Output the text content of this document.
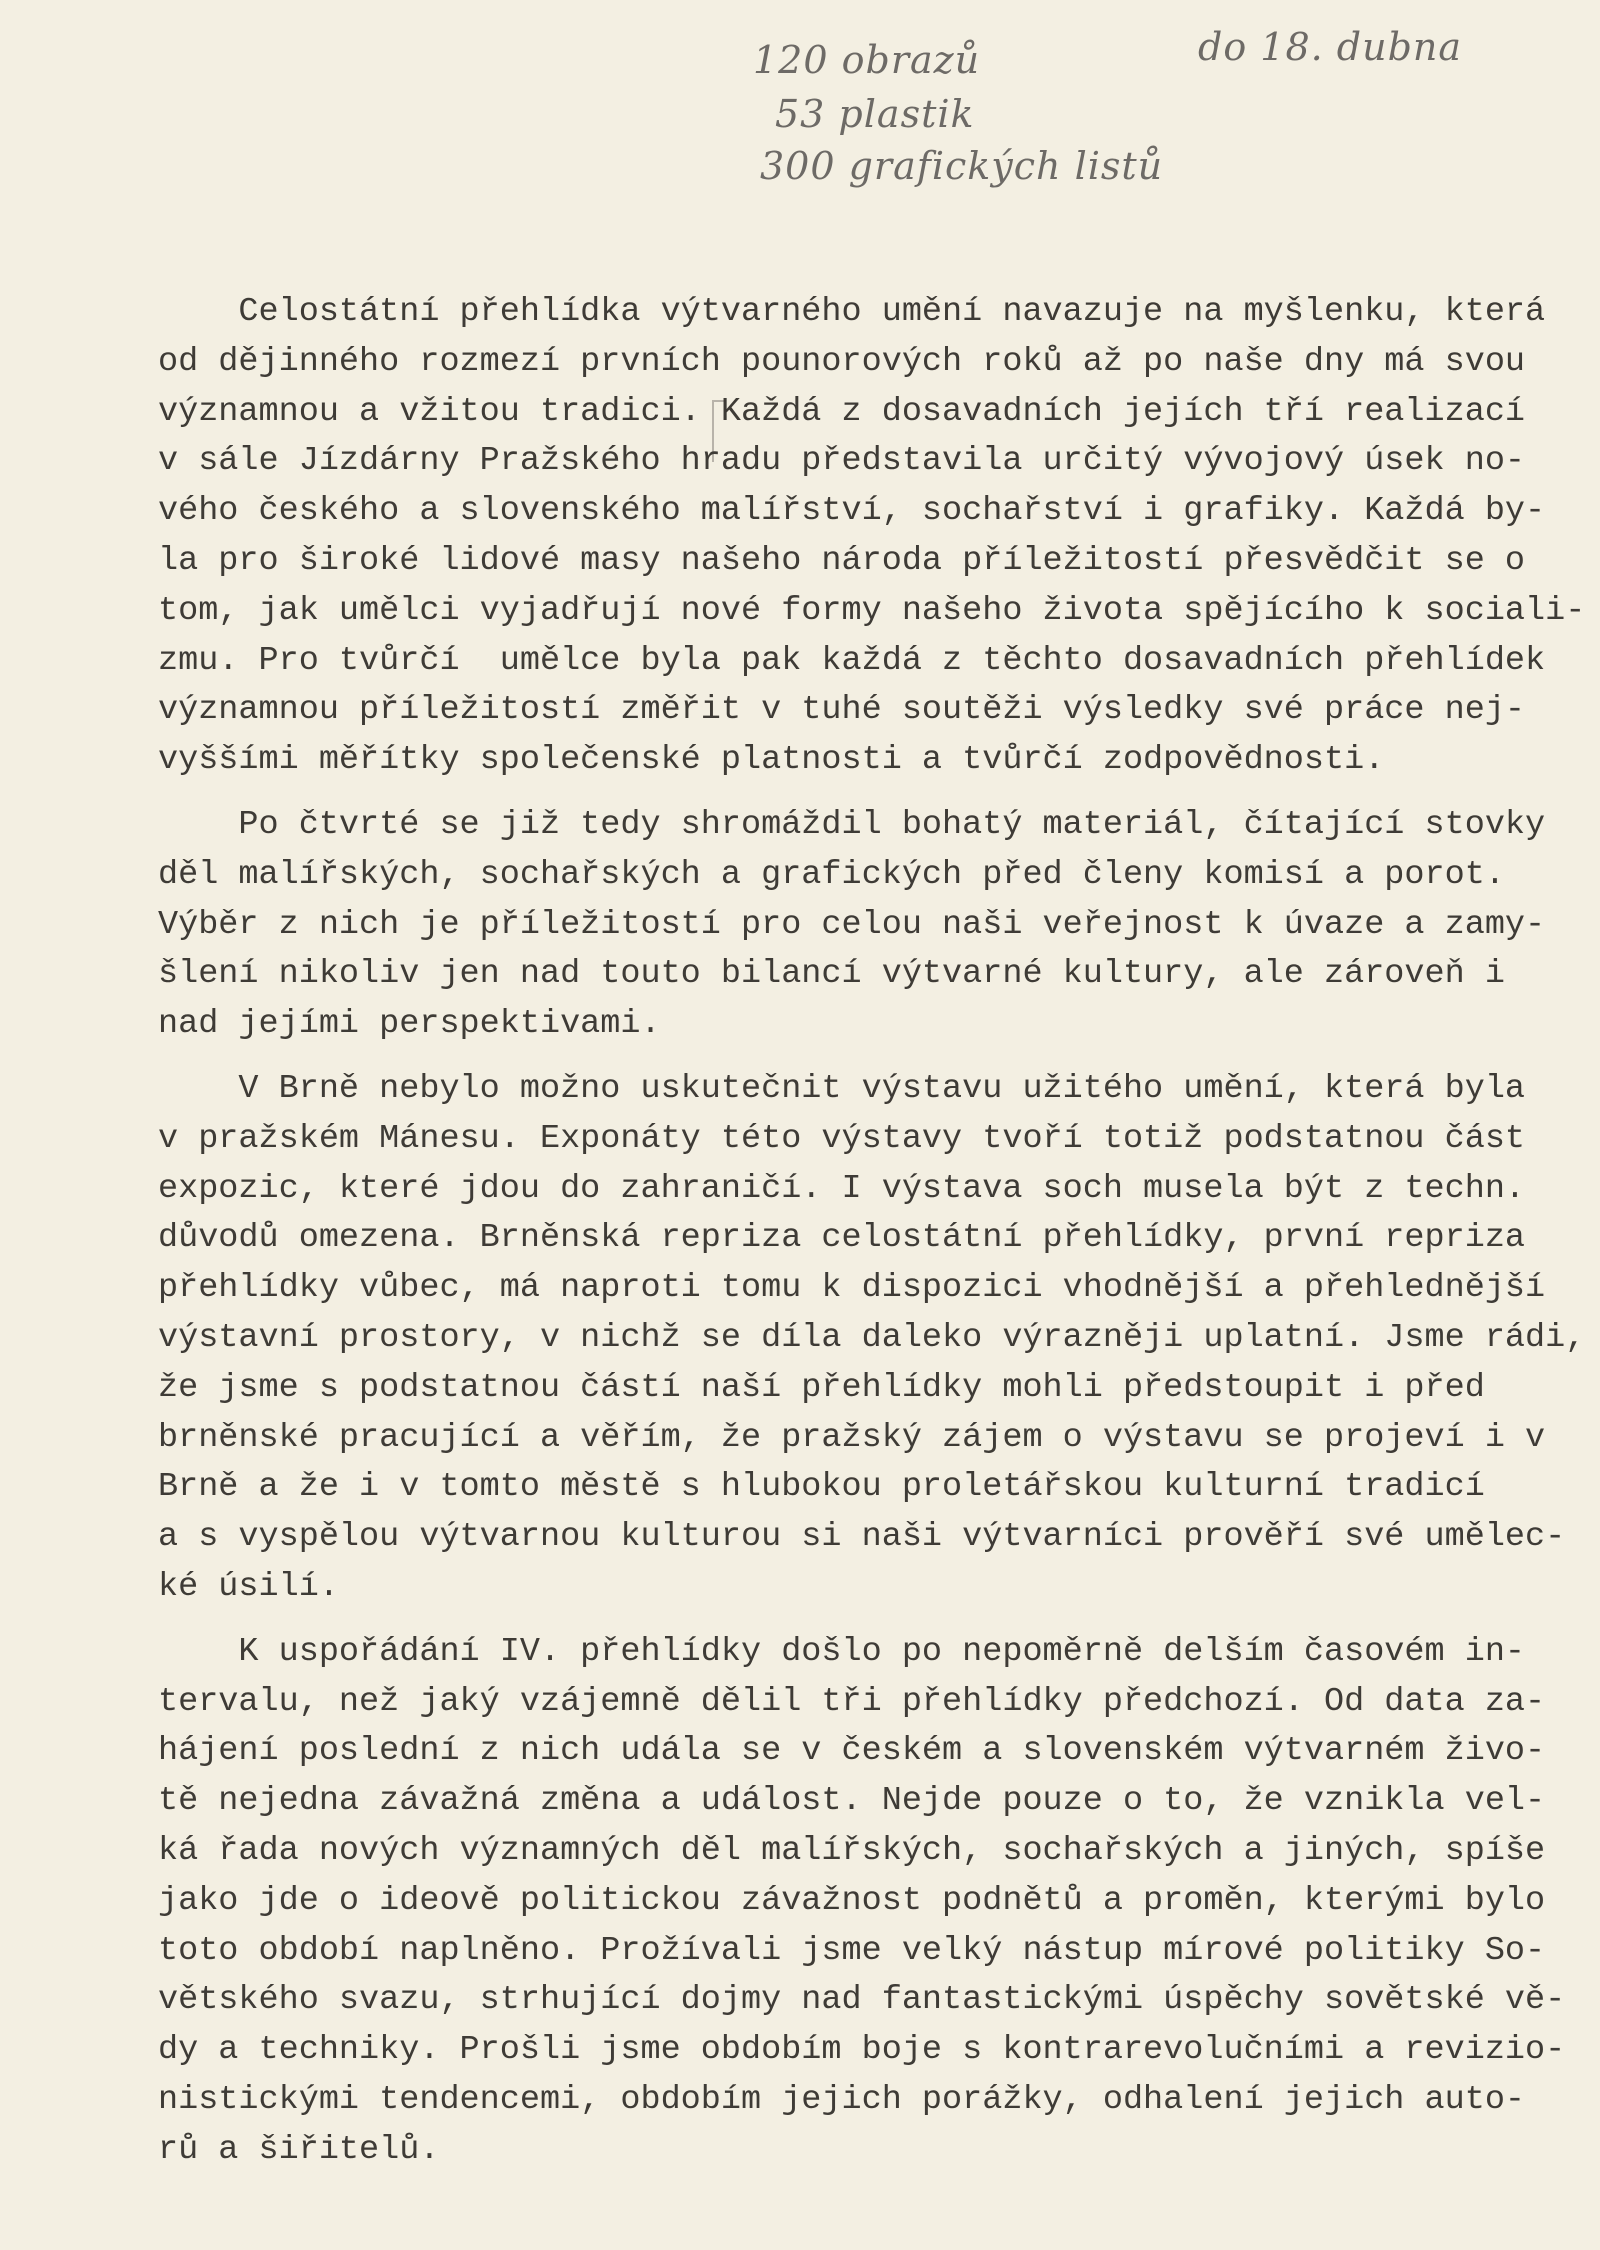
120 obrazů
53 plastik
300 grafických listů
do 18. dubna
Celostátní přehlídka výtvarného umění navazuje na myšlenku, která
od dějinného rozmezí prvních pounorových roků až po naše dny má svou
významnou a vžitou tradici. Každá z dosavadních jejích tří realizací
v sále Jízdárny Pražského hradu představila určitý vývojový úsek no-
vého českého a slovenského malířství, sochařství i grafiky. Každá by-
la pro široké lidové masy našeho národa příležitostí přesvědčit se o
tom, jak umělci vyjadřují nové formy našeho života spějícího k sociali-
zmu. Pro tvůrčí  umělce byla pak každá z těchto dosavadních přehlídek
významnou příležitostí změřit v tuhé soutěži výsledky své práce nej-
vyššími měřítky společenské platnosti a tvůrčí zodpovědnosti.
Po čtvrté se již tedy shromáždil bohatý materiál, čítající stovky
děl malířských, sochařských a grafických před členy komisí a porot.
Výběr z nich je příležitostí pro celou naši veřejnost k úvaze a zamy-
šlení nikoliv jen nad touto bilancí výtvarné kultury, ale zároveň i
nad jejími perspektivami.
V Brně nebylo možno uskutečnit výstavu užitého umění, která byla
v pražském Mánesu. Exponáty této výstavy tvoří totiž podstatnou část
expozic, které jdou do zahraničí. I výstava soch musela být z techn.
důvodů omezena. Brněnská repriza celostátní přehlídky, první repriza
přehlídky vůbec, má naproti tomu k dispozici vhodnější a přehlednější
výstavní prostory, v nichž se díla daleko výrazněji uplatní. Jsme rádi,
že jsme s podstatnou částí naší přehlídky mohli předstoupit i před
brněnské pracující a věřím, že pražský zájem o výstavu se projeví i v
Brně a že i v tomto městě s hlubokou proletářskou kulturní tradicí
a s vyspělou výtvarnou kulturou si naši výtvarníci prověří své umělec-
ké úsilí.
K uspořádání IV. přehlídky došlo po nepoměrně delším časovém in-
tervalu, než jaký vzájemně dělil tři přehlídky předchozí. Od data za-
hájení poslední z nich udála se v českém a slovenském výtvarném živo-
tě nejedna závažná změna a událost. Nejde pouze o to, že vznikla vel-
ká řada nových významných děl malířských, sochařských a jiných, spíše
jako jde o ideově politickou závažnost podnětů a proměn, kterými bylo
toto období naplněno. Prožívali jsme velký nástup mírové politiky So-
větského svazu, strhující dojmy nad fantastickými úspěchy sovětské vě-
dy a techniky. Prošli jsme obdobím boje s kontrarevolučními a revizio-
nistickými tendencemi, obdobím jejich porážky, odhalení jejich auto-
rů a šiřitelů.
